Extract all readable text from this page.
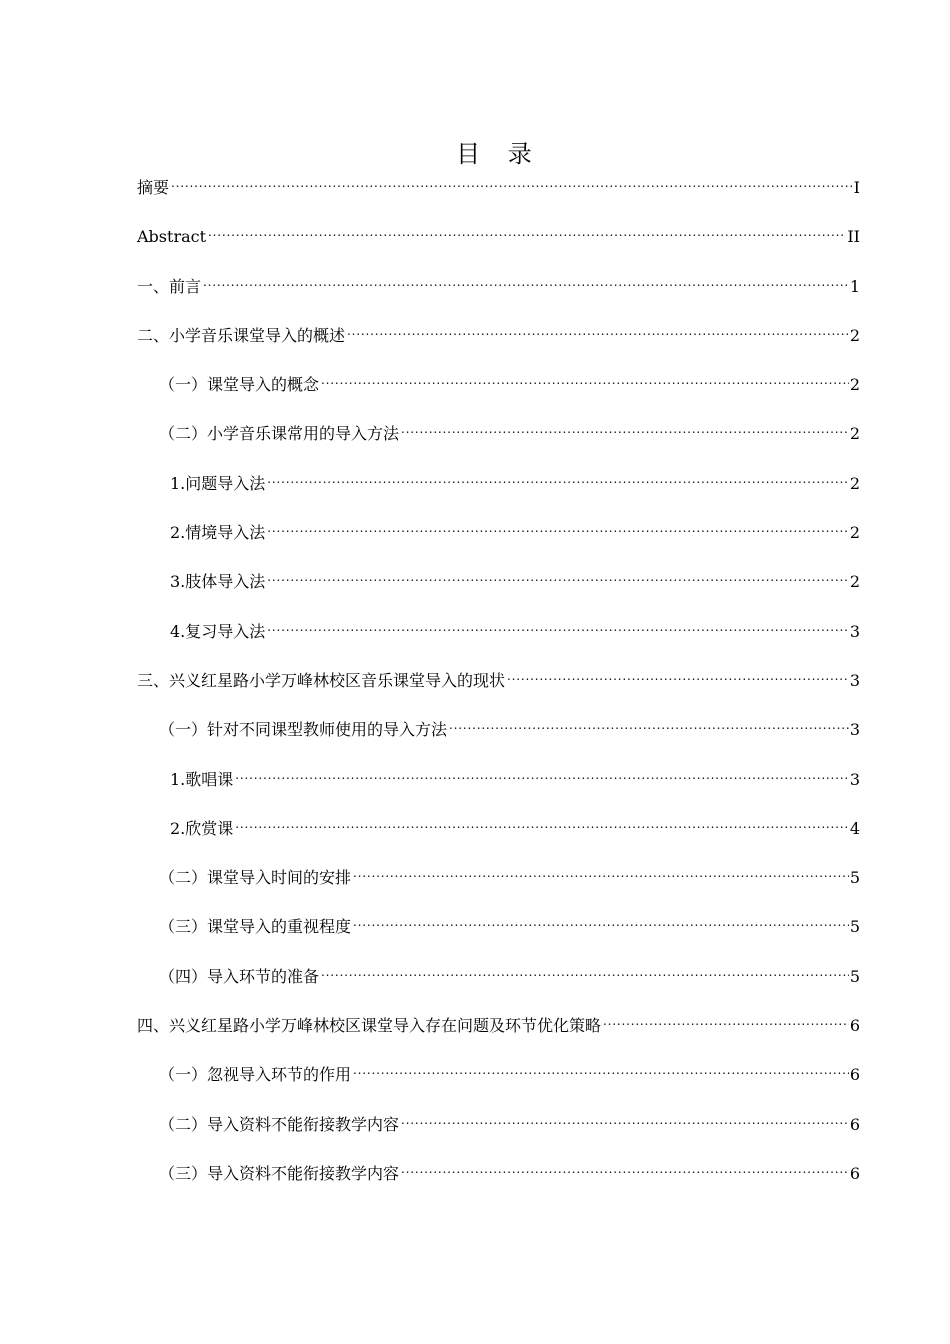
目 录
摘要 .....	I
Abstract .....	II
一、前言 .....	1
二、小学音乐课堂导入的概述 .....	2
（一）课堂导入的概念 .....	2
（二）小学音乐课常用的导入方法 .....	2
1.问题导入法 .....	2
2.情境导入法 .....	2
3.肢体导入法 .....	2
4.复习导入法 .....	3
三、兴义红星路小学万峰林校区音乐课堂导入的现状 .....	3
（一）针对不同课型教师使用的导入方法 .....	3
1.歌唱课 .....	3
2.欣赏课 .....	4
（二）课堂导入时间的安排 .....	5
（三）课堂导入的重视程度 .....	5
（四）导入环节的准备 .....	5
四、兴义红星路小学万峰林校区课堂导入存在问题及环节优化策略 .....	6
（一）忽视导入环节的作用 .....	6
（二）导入资料不能衔接教学内容 .....	6
（三）导入资料不能衔接教学内容 .....	6
